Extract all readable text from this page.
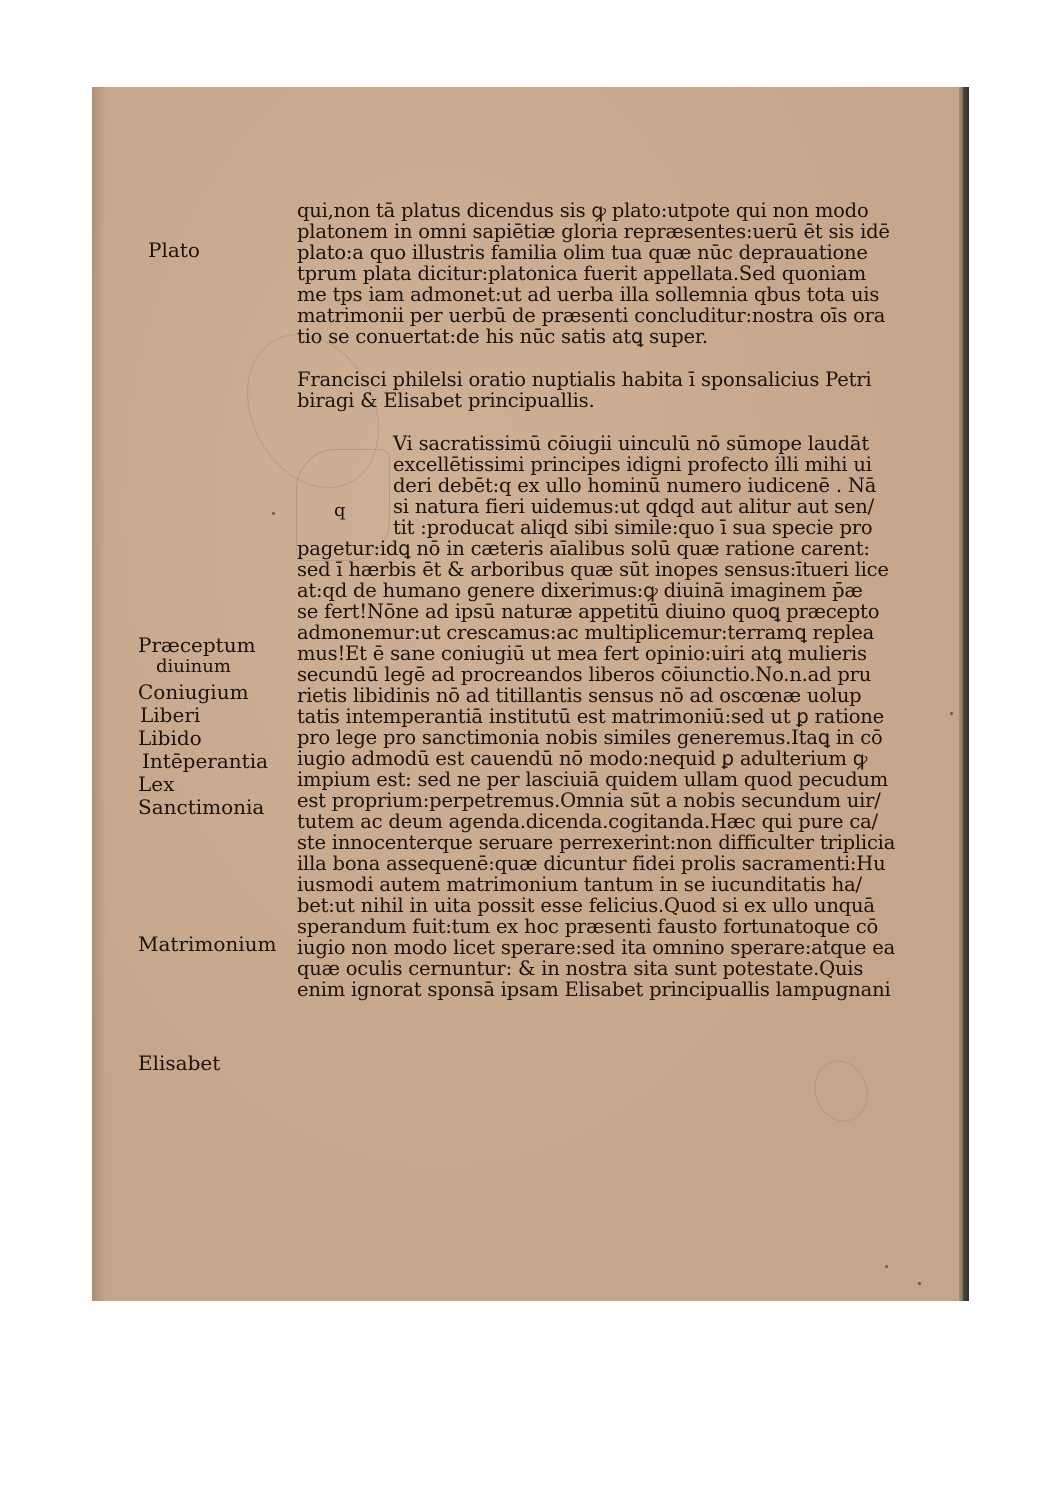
q
qui,non tā platus dicendus sis ꝙ plato:utpote qui non modo
platonem in omni sapiētiæ gloria repræsentes:uerū ēt sis idē
plato:a quo illustris familia olim tua quæ nūc deprauatione
tprum plata dicitur:platonica fuerit appellata.Sed quoniam
me tps iam admonet:ut ad uerba illa sollemnia qbus tota uis
matrimonii per uerbū de præsenti concluditur:nostra oīs ora
tio se conuertat:de his nūc satis atꝗ super.
Francisci philelsi oratio nuptialis habita ī sponsalicius Petri
biragi & Elisabet principuallis.
Vi sacratissimū cōiugii uinculū nō sūmope laudāt
excellētissimi principes idigni profecto illi mihi ui
deri debēt:q ex ullo hominū numero iudicenē . Nā
si natura fieri uidemus:ut qdqd aut alitur aut sen/
tit :producat aliqd sibi simile:quo ī sua specie pro
pagetur:idꝗ nō in cæteris aīalibus solū quæ ratione carent:
sed ī hærbis ēt & arboribus quæ sūt inopes sensus:ītueri lice
at:qd de humano genere dixerimus:ꝙ diuinā imaginem p̄æ
se fert!Nōne ad ipsū naturæ appetitū diuino quoꝗ præcepto
admonemur:ut crescamus:ac multiplicemur:terramꝗ replea
mus!Et ē sane coniugiū ut mea fert opinio:uiri atꝗ mulieris
secundū legē ad procreandos liberos cōiunctio.No.n.ad pru
rietis libidinis nō ad titillantis sensus nō ad oscœnæ uolup
tatis intemperantiā institutū est matrimoniū:sed ut ꝑ ratione
pro lege pro sanctimonia nobis similes generemus.Itaꝗ in cō
iugio admodū est cauendū nō modo:nequid ꝑ adulterium ꝙ
impium est: sed ne per lasciuiā quidem ullam quod pecudum
est proprium:perpetremus.Omnia sūt a nobis secundum uir/
tutem ac deum agenda.dicenda.cogitanda.Hæc qui pure ca/
ste innocenterque seruare perrexerint:non difficulter triplicia
illa bona assequenē:quæ dicuntur fidei prolis sacramenti:Hu
iusmodi autem matrimonium tantum in se iucunditatis ha/
bet:ut nihil in uita possit esse felicius.Quod si ex ullo unquā
sperandum fuit:tum ex hoc præsenti fausto fortunatoque cō
iugio non modo licet sperare:sed ita omnino sperare:atque ea
quæ oculis cernuntur: & in nostra sita sunt potestate.Quis
enim ignorat sponsā ipsam Elisabet principuallis lampugnani
Plato
Præceptum
diuinum
Coniugium
Liberi
Libido
Intēperantia
Lex
Sanctimonia
Matrimonium
Elisabet
